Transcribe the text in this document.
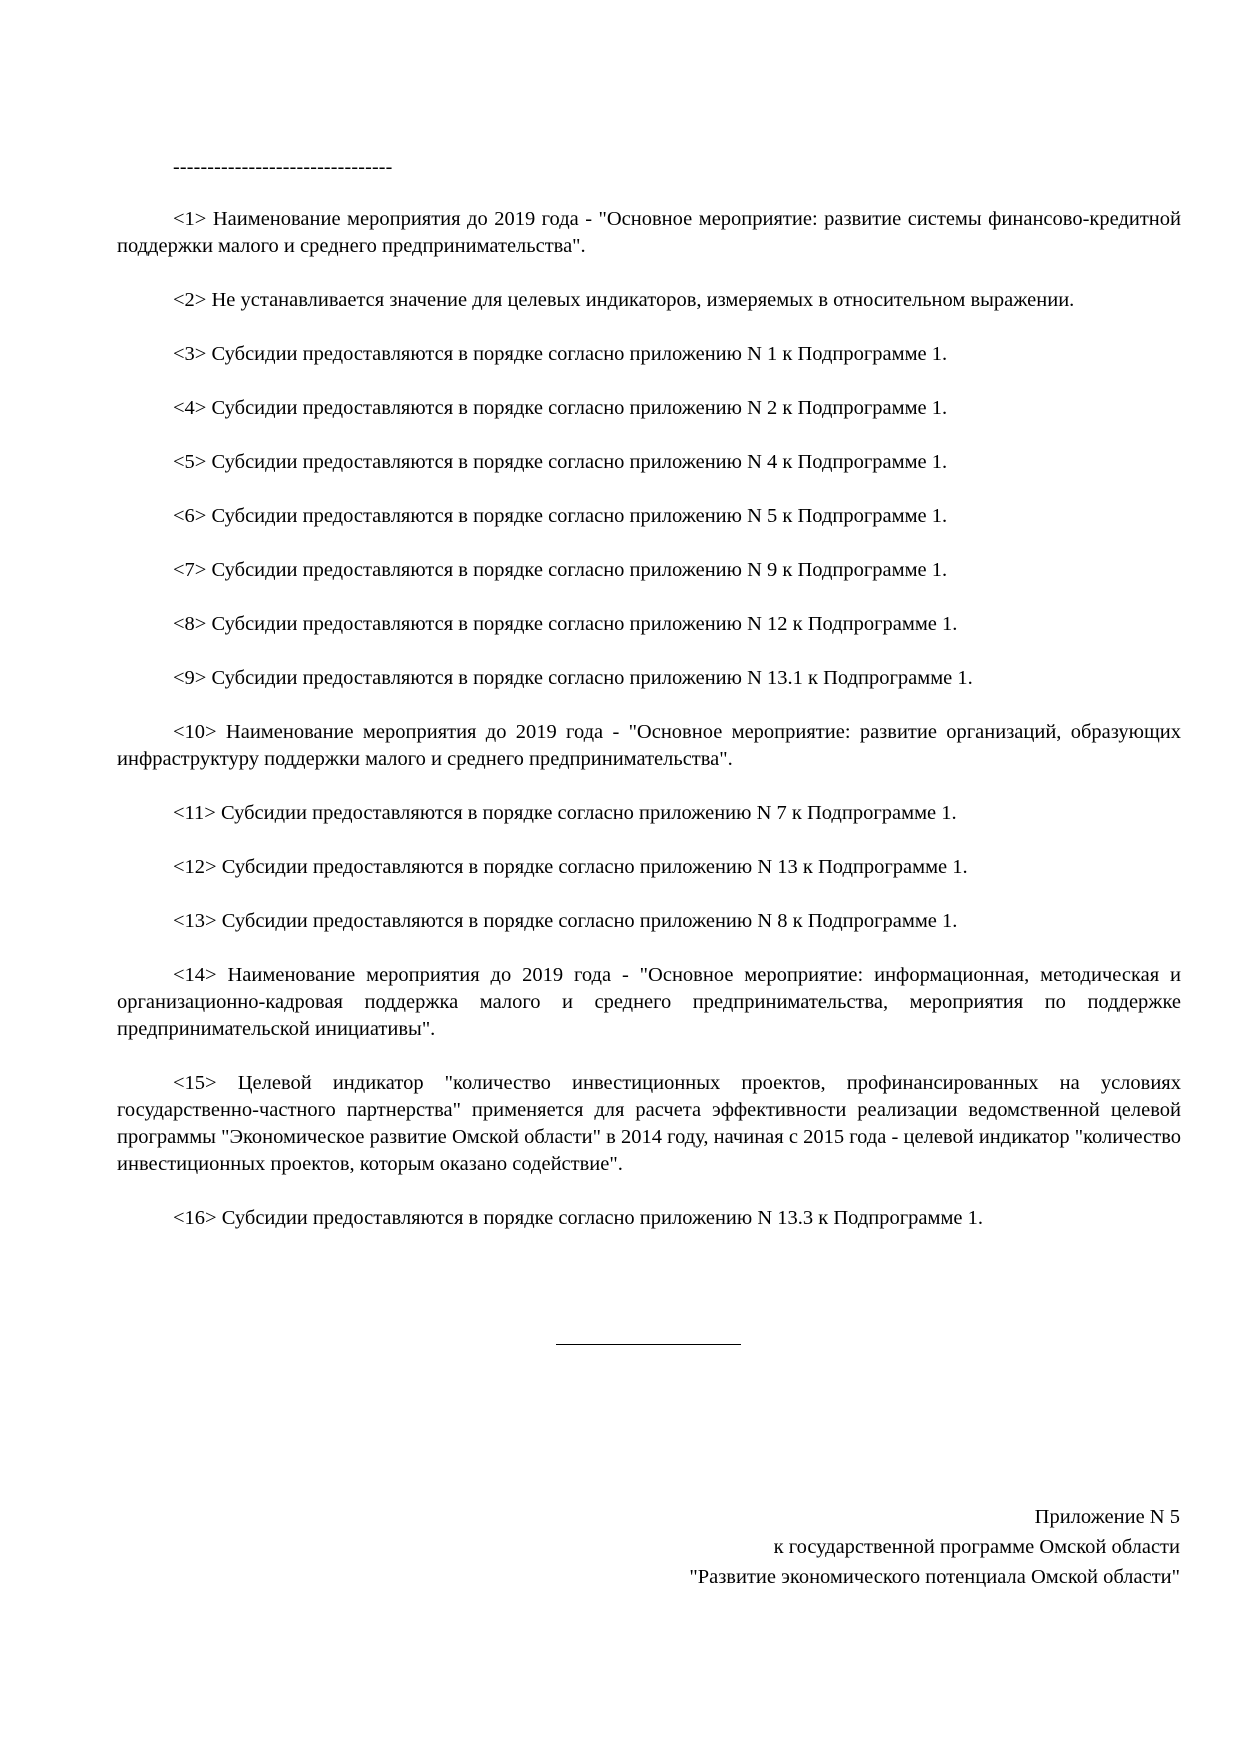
--------------------------------

<1> Наименование мероприятия до 2019 года - "Основное мероприятие: развитие системы финансово-кредитной поддержки малого и среднего предпринимательства".

<2> Не устанавливается значение для целевых индикаторов, измеряемых в относительном выражении.

<3> Субсидии предоставляются в порядке согласно приложению N 1 к Подпрограмме 1.

<4> Субсидии предоставляются в порядке согласно приложению N 2 к Подпрограмме 1.

<5> Субсидии предоставляются в порядке согласно приложению N 4 к Подпрограмме 1.

<6> Субсидии предоставляются в порядке согласно приложению N 5 к Подпрограмме 1.

<7> Субсидии предоставляются в порядке согласно приложению N 9 к Подпрограмме 1.

<8> Субсидии предоставляются в порядке согласно приложению N 12 к Подпрограмме 1.

<9> Субсидии предоставляются в порядке согласно приложению N 13.1 к Подпрограмме 1.

<10> Наименование мероприятия до 2019 года - "Основное мероприятие: развитие организаций, образующих инфраструктуру поддержки малого и среднего предпринимательства".

<11> Субсидии предоставляются в порядке согласно приложению N 7 к Подпрограмме 1.

<12> Субсидии предоставляются в порядке согласно приложению N 13 к Подпрограмме 1.

<13> Субсидии предоставляются в порядке согласно приложению N 8 к Подпрограмме 1.

<14> Наименование мероприятия до 2019 года - "Основное мероприятие: информационная, методическая и организационно-кадровая поддержка малого и среднего предпринимательства, мероприятия по поддержке предпринимательской инициативы".

<15> Целевой индикатор "количество инвестиционных проектов, профинансированных на условиях государственно-частного партнерства" применяется для расчета эффективности реализации ведомственной целевой программы "Экономическое развитие Омской области" в 2014 году, начиная с 2015 года - целевой индикатор "количество инвестиционных проектов, которым оказано содействие".

<16> Субсидии предоставляются в порядке согласно приложению N 13.3 к Подпрограмме 1.

Приложение N 5
к государственной программе Омской области
"Развитие экономического потенциала Омской области"
